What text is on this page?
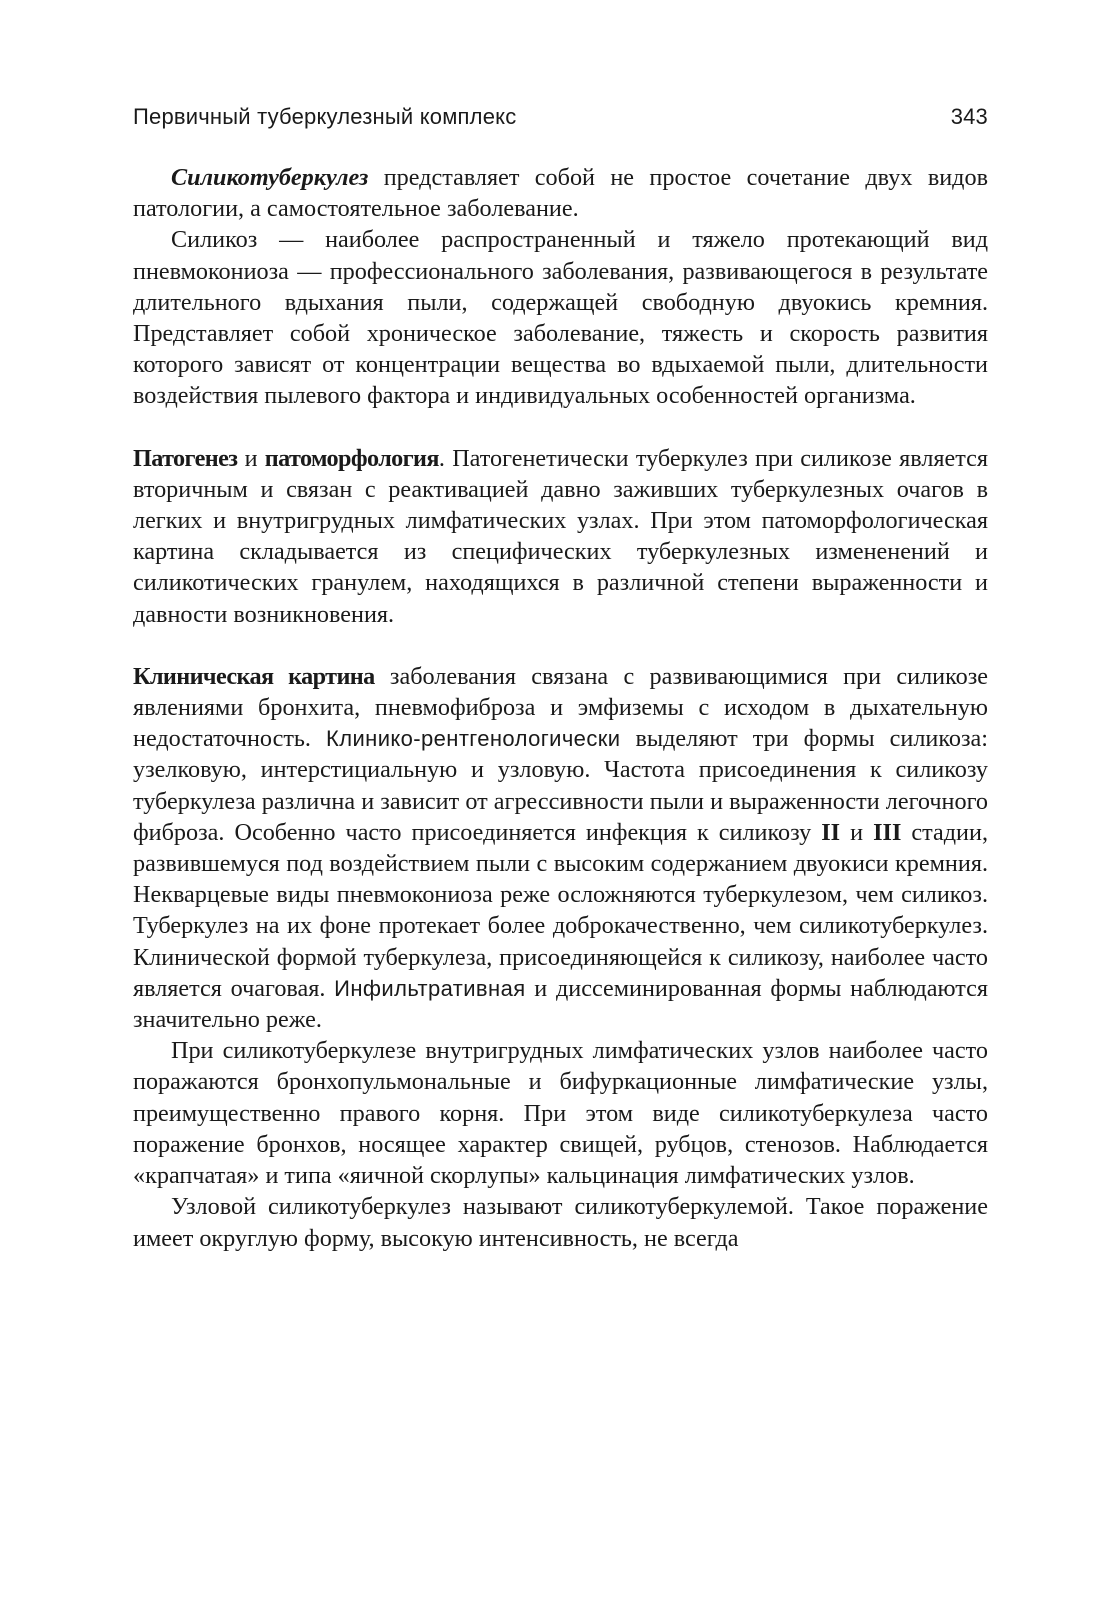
Первичный туберкулезный комплекс	343

Силикотуберкулез представляет собой не простое сочетание двух видов патологии, а самостоятельное заболевание.

Силикоз — наиболее распространенный и тяжело протекающий вид пневмокониоза — профессионального заболевания, развивающегося в результате длительного вдыхания пыли, содержащей свободную двуокись кремния. Представляет собой хроническое заболевание, тяжесть и скорость развития которого зависят от концентрации вещества во вдыхаемой пыли, длительности воздействия пылевого фактора и индивидуальных особенностей организма.

Патогенез и патоморфология. Патогенетически туберкулез при силикозе является вторичным и связан с реактивацией давно заживших туберкулезных очагов в легких и внутригрудных лимфатических узлах. При этом патоморфологическая картина складывается из специфических туберкулезных измененений и силикотических гранулем, находящихся в различной степени выраженности и давности возникновения.

Клиническая картина заболевания связана с развивающимися при силикозе явлениями бронхита, пневмофиброза и эмфиземы с исходом в дыхательную недостаточность. Клинико-рентгенологически выделяют три формы силикоза: узелковую, интерстициальную и узловую. Частота присоединения к силикозу туберкулеза различна и зависит от агрессивности пыли и выраженности легочного фиброза. Особенно часто присоединяется инфекция к силикозу II и III стадии, развившемуся под воздействием пыли с высоким содержанием двуокиси кремния. Некварцевые виды пневмокониоза реже осложняются туберкулезом, чем силикоз. Туберкулез на их фоне протекает более доброкачественно, чем силикотуберкулез. Клинической формой туберкулеза, присоединяющейся к силикозу, наиболее часто является очаговая. Инфильтративная и диссеминированная формы наблюдаются значительно реже.

При силикотуберкулезе внутригрудных лимфатических узлов наиболее часто поражаются бронхопульмональные и бифуркационные лимфатические узлы, преимущественно правого корня. При этом виде силикотуберкулеза часто поражение бронхов, носящее характер свищей, рубцов, стенозов. Наблюдается «крапчатая» и типа «яичной скорлупы» кальцинация лимфатических узлов.

Узловой силикотуберкулез называют силикотуберкулемой. Такое поражение имеет округлую форму, высокую интенсивность, не всегда
